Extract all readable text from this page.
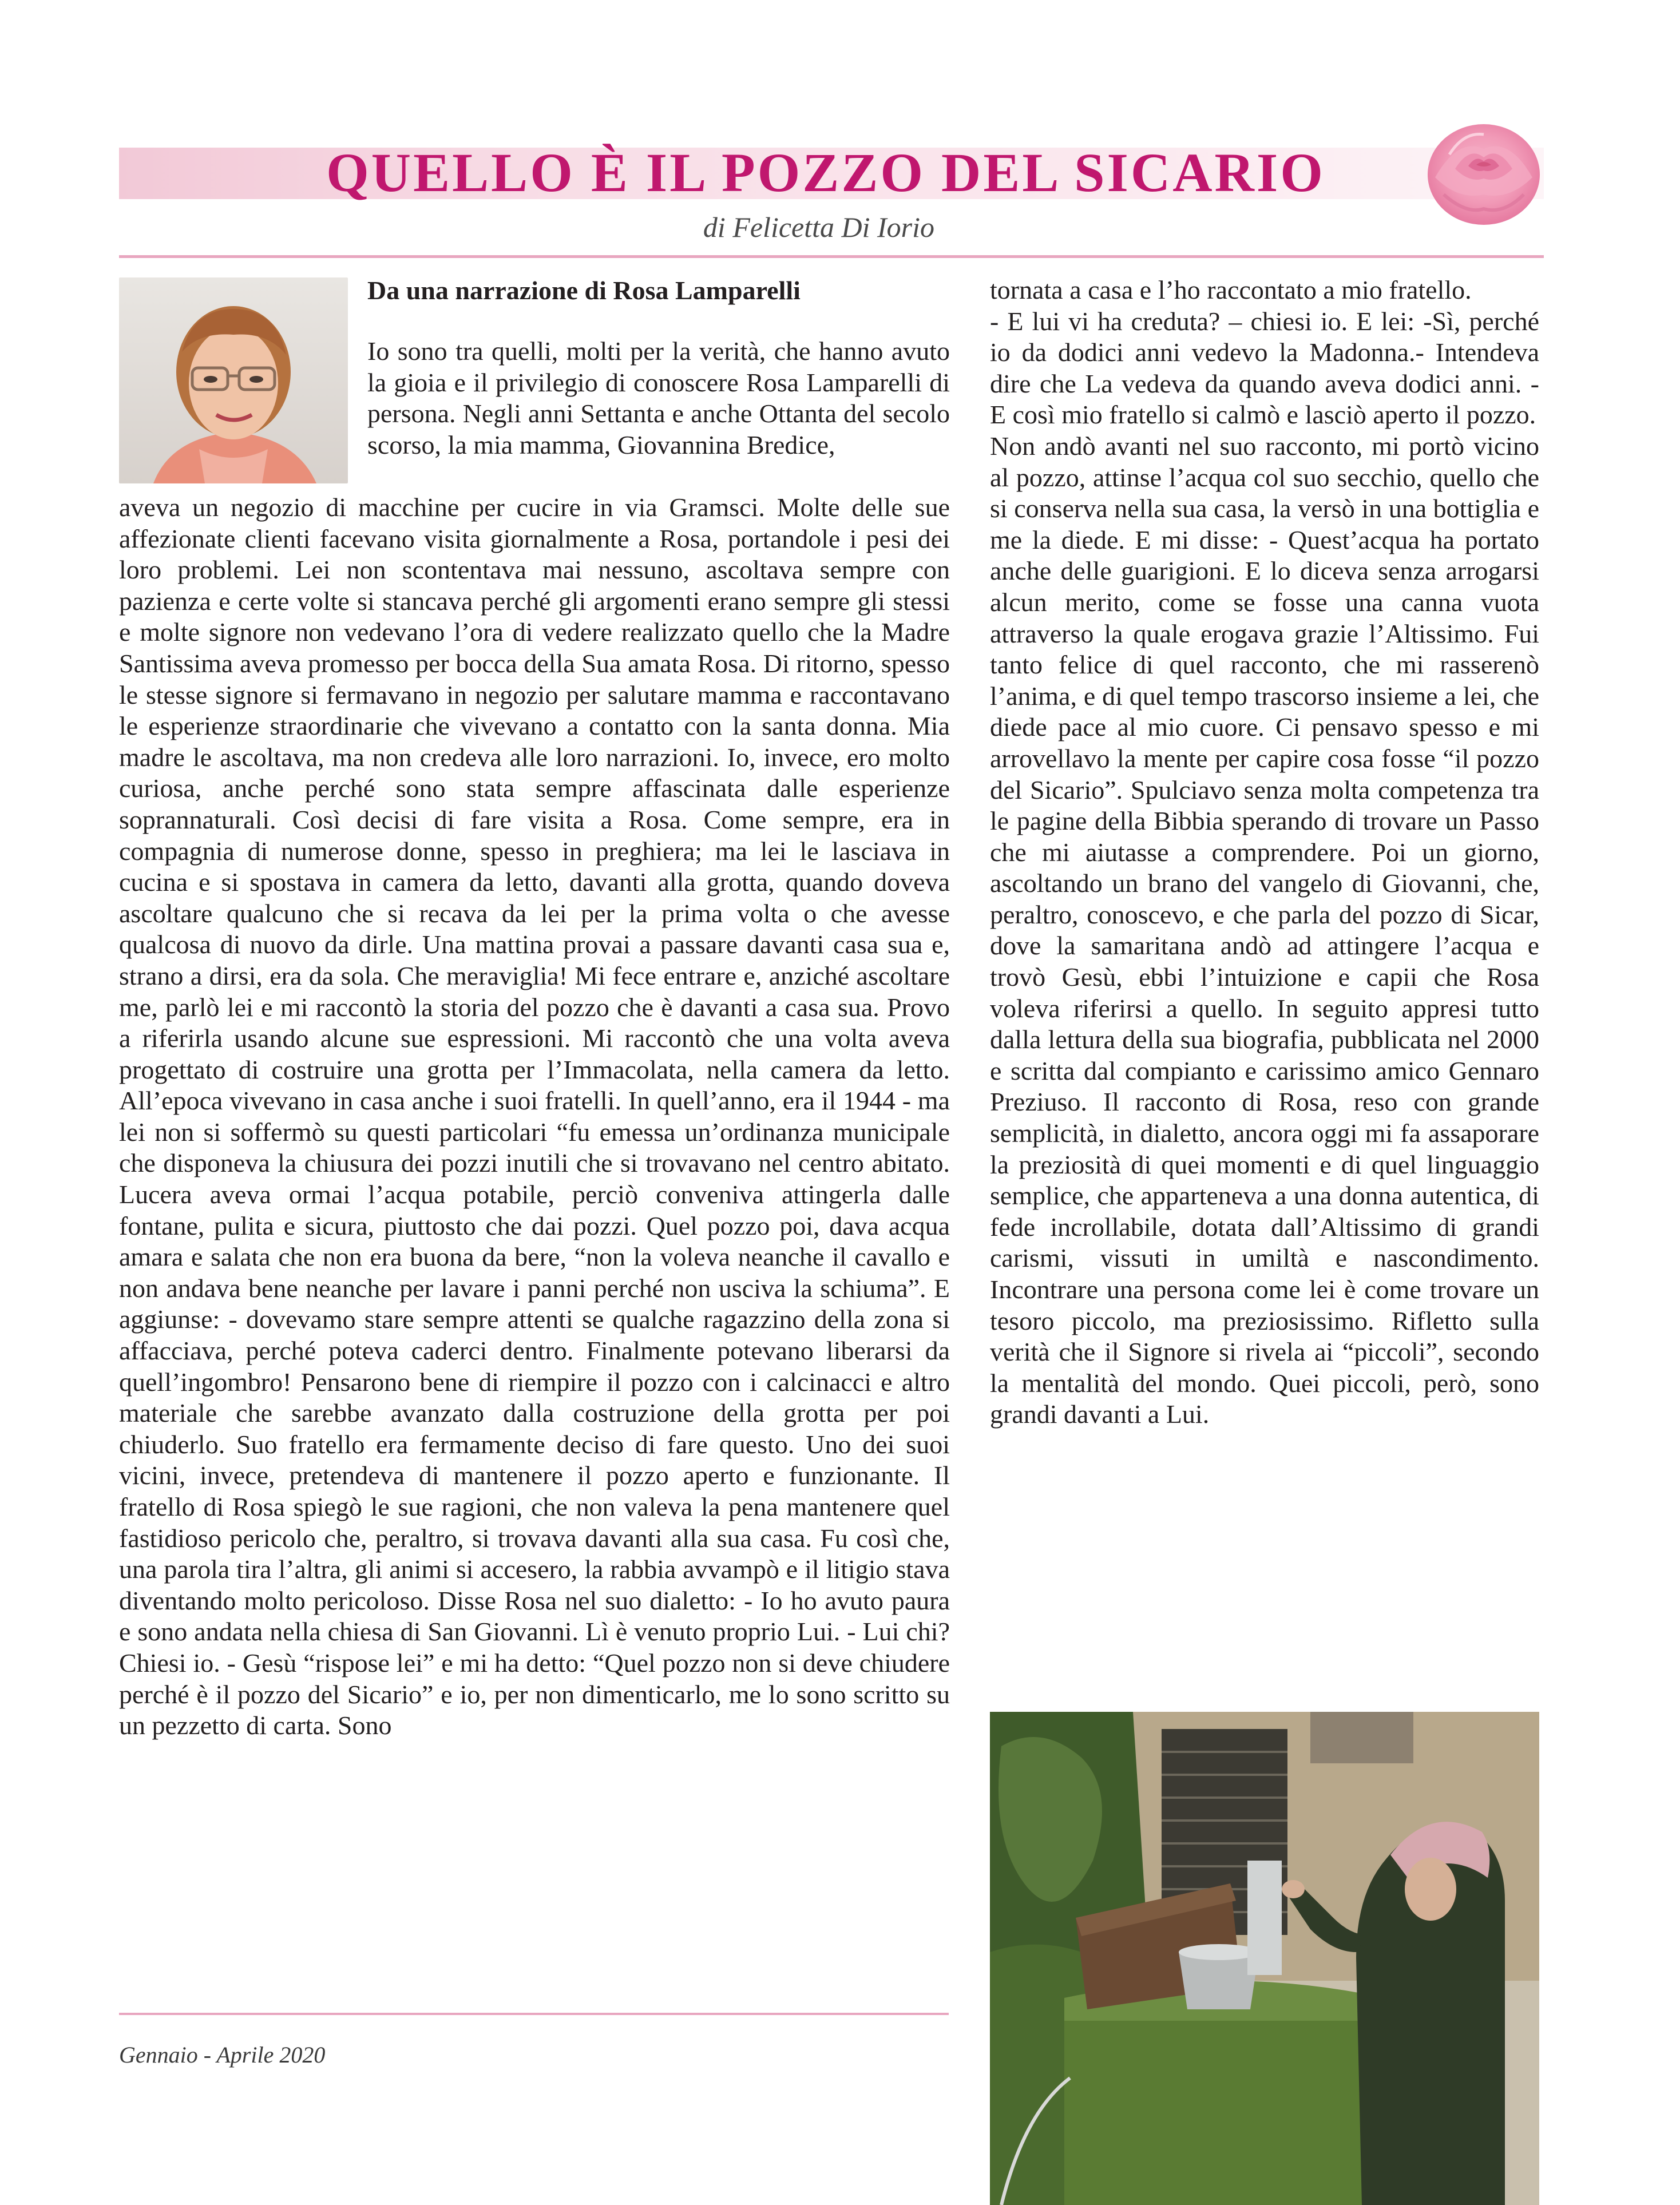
QUELLO È IL POZZO DEL SICARIO

di Felicetta Di Iorio

Da una narrazione di Rosa Lamparelli

Io sono tra quelli, molti per la verità, che hanno avuto la gioia e il privilegio di conoscere Rosa Lamparelli di persona. Negli anni Settanta e anche Ottanta del secolo scorso, la mia mamma, Giovannina Bredice,

aveva un negozio di macchine per cucire in via Gramsci. Molte delle sue affezionate clienti facevano visita giornalmente a Rosa, portandole i pesi dei loro problemi. Lei non scontentava mai nessuno, ascoltava sempre con pazienza e certe volte si stancava perché gli argomenti erano sempre gli stessi e molte signore non vedevano l’ora di vedere realizzato quello che la Madre Santissima aveva promesso per bocca della Sua amata Rosa. Di ritorno, spesso le stesse signore si fermavano in negozio per salutare mamma e raccontavano le esperienze straordinarie che vivevano a contatto con la santa donna. Mia madre le ascoltava, ma non credeva alle loro narrazioni. Io, invece, ero molto curiosa, anche perché sono stata sempre affascinata dalle esperienze soprannaturali. Così decisi di fare visita a Rosa. Come sempre, era in compagnia di numerose donne, spesso in preghiera; ma lei le lasciava in cucina e si spostava in camera da letto, davanti alla grotta, quando doveva ascoltare qualcuno che si recava da lei per la prima volta o che avesse qualcosa di nuovo da dirle. Una mattina provai a passare davanti casa sua e, strano a dirsi, era da sola. Che meraviglia! Mi fece entrare e, anziché ascoltare me, parlò lei e mi raccontò la storia del pozzo che è davanti a casa sua. Provo a riferirla usando alcune sue espressioni. Mi raccontò che una volta aveva progettato di costruire una grotta per l’Immacolata, nella camera da letto. All’epoca vivevano in casa anche i suoi fratelli. In quell’anno, era il 1944 - ma lei non si soffermò su questi particolari “fu emessa un’ordinanza municipale che disponeva la chiusura dei pozzi inutili che si trovavano nel centro abitato. Lucera aveva ormai l’acqua potabile, perciò conveniva attingerla dalle fontane, pulita e sicura, piuttosto che dai pozzi. Quel pozzo poi, dava acqua amara e salata che non era buona da bere, “non la voleva neanche il cavallo e non andava bene neanche per lavare i panni perché non usciva la schiuma”. E aggiunse: - dovevamo stare sempre attenti se qualche ragazzino della zona si affacciava, perché poteva caderci dentro. Finalmente potevano liberarsi da quell’ingombro! Pensarono bene di riempire il pozzo con i calcinacci e altro materiale che sarebbe avanzato dalla costruzione della grotta per poi chiuderlo. Suo fratello era fermamente deciso di fare questo. Uno dei suoi vicini, invece, pretendeva di mantenere il pozzo aperto e funzionante. Il fratello di Rosa spiegò le sue ragioni, che non valeva la pena mantenere quel fastidioso pericolo che, peraltro, si trovava davanti alla sua casa. Fu così che, una parola tira l’altra, gli animi si accesero, la rabbia avvampò e il litigio stava diventando molto pericoloso. Disse Rosa nel suo dialetto: - Io ho avuto paura e sono andata nella chiesa di San Giovanni. Lì è venuto proprio Lui. - Lui chi? Chiesi io. - Gesù “rispose lei” e mi ha detto: “Quel pozzo non si deve chiudere perché è il pozzo del Sicario” e io, per non dimenticarlo, me lo sono scritto su un pezzetto di carta. Sono

tornata a casa e l’ho raccontato a mio fratello.

- E lui vi ha creduta? – chiesi io. E lei: -Sì, perché io da dodici anni vedevo la Madonna.- Intendeva dire che La vedeva da quando aveva dodici anni. - E così mio fratello si calmò e lasciò aperto il pozzo.

Non andò avanti nel suo racconto, mi portò vicino al pozzo, attinse l’acqua col suo secchio, quello che si conserva nella sua casa, la versò in una bottiglia e me la diede. E mi disse: - Quest’acqua ha portato anche delle guarigioni. E lo diceva senza arrogarsi alcun merito, come se fosse una canna vuota attraverso la quale erogava grazie l’Altissimo. Fui tanto felice di quel racconto, che mi rasserenò l’anima, e di quel tempo trascorso insieme a lei, che diede pace al mio cuore. Ci pensavo spesso e mi arrovellavo la mente per capire cosa fosse “il pozzo del Sicario”. Spulciavo senza molta competenza tra le pagine della Bibbia sperando di trovare un Passo che mi aiutasse a comprendere. Poi un giorno, ascoltando un brano del vangelo di Giovanni, che, peraltro, conoscevo, e che parla del pozzo di Sicar, dove la samaritana andò ad attingere l’acqua e trovò Gesù, ebbi l’intuizione e capii che Rosa voleva riferirsi a quello. In seguito appresi tutto dalla lettura della sua biografia, pubblicata nel 2000 e scritta dal compianto e carissimo amico Gennaro Preziuso. Il racconto di Rosa, reso con grande semplicità, in dialetto, ancora oggi mi fa assaporare la preziosità di quei momenti e di quel linguaggio semplice, che apparteneva a una donna autentica, di fede incrollabile, dotata dall’Altissimo di grandi carismi, vissuti in umiltà e nascondimento. Incontrare una persona come lei è come trovare un tesoro piccolo, ma preziosissimo. Rifletto sulla verità che il Signore si rivela ai “piccoli”, secondo la mentalità del mondo. Quei piccoli, però, sono grandi davanti a Lui.

Gennaio - Aprile 2020
